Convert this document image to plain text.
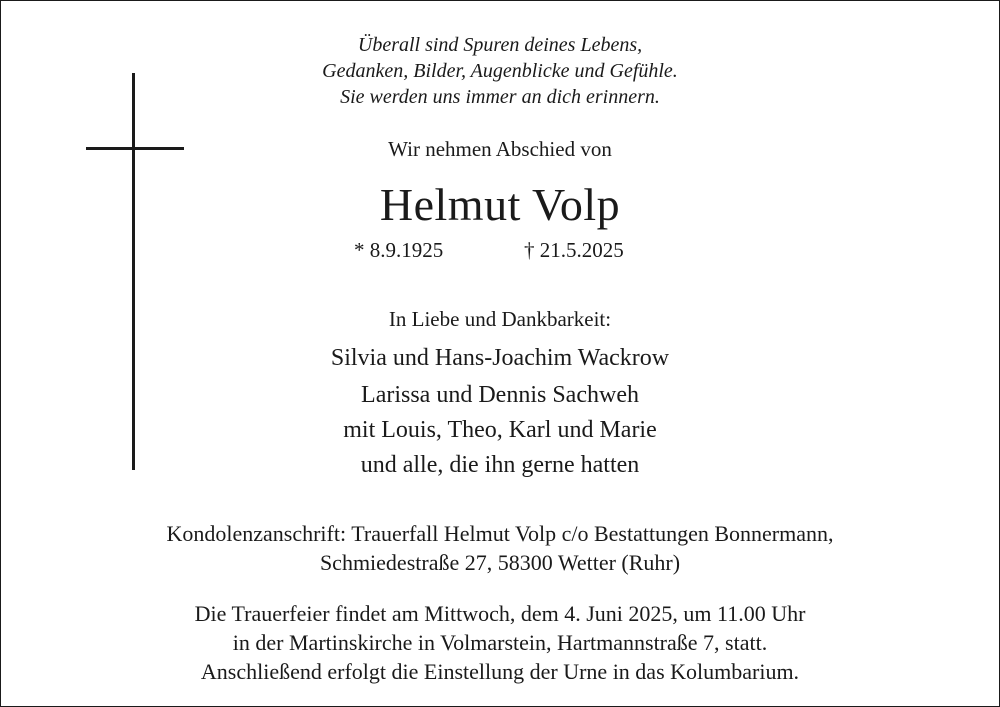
Überall sind Spuren deines Lebens,
Gedanken, Bilder, Augenblicke und Gefühle.
Sie werden uns immer an dich erinnern.
Wir nehmen Abschied von
Helmut Volp
* 8.9.1925	† 21.5.2025
In Liebe und Dankbarkeit:
Silvia und Hans-Joachim Wackrow
Larissa und Dennis Sachweh
mit Louis, Theo, Karl und Marie
und alle, die ihn gerne hatten
Kondolenzanschrift: Trauerfall Helmut Volp c/o Bestattungen Bonnermann,
Schmiedestraße 27, 58300 Wetter (Ruhr)
Die Trauerfeier findet am Mittwoch, dem 4. Juni 2025, um 11.00 Uhr
in der Martinskirche in Volmarstein, Hartmannstraße 7, statt.
Anschließend erfolgt die Einstellung der Urne in das Kolumbarium.
